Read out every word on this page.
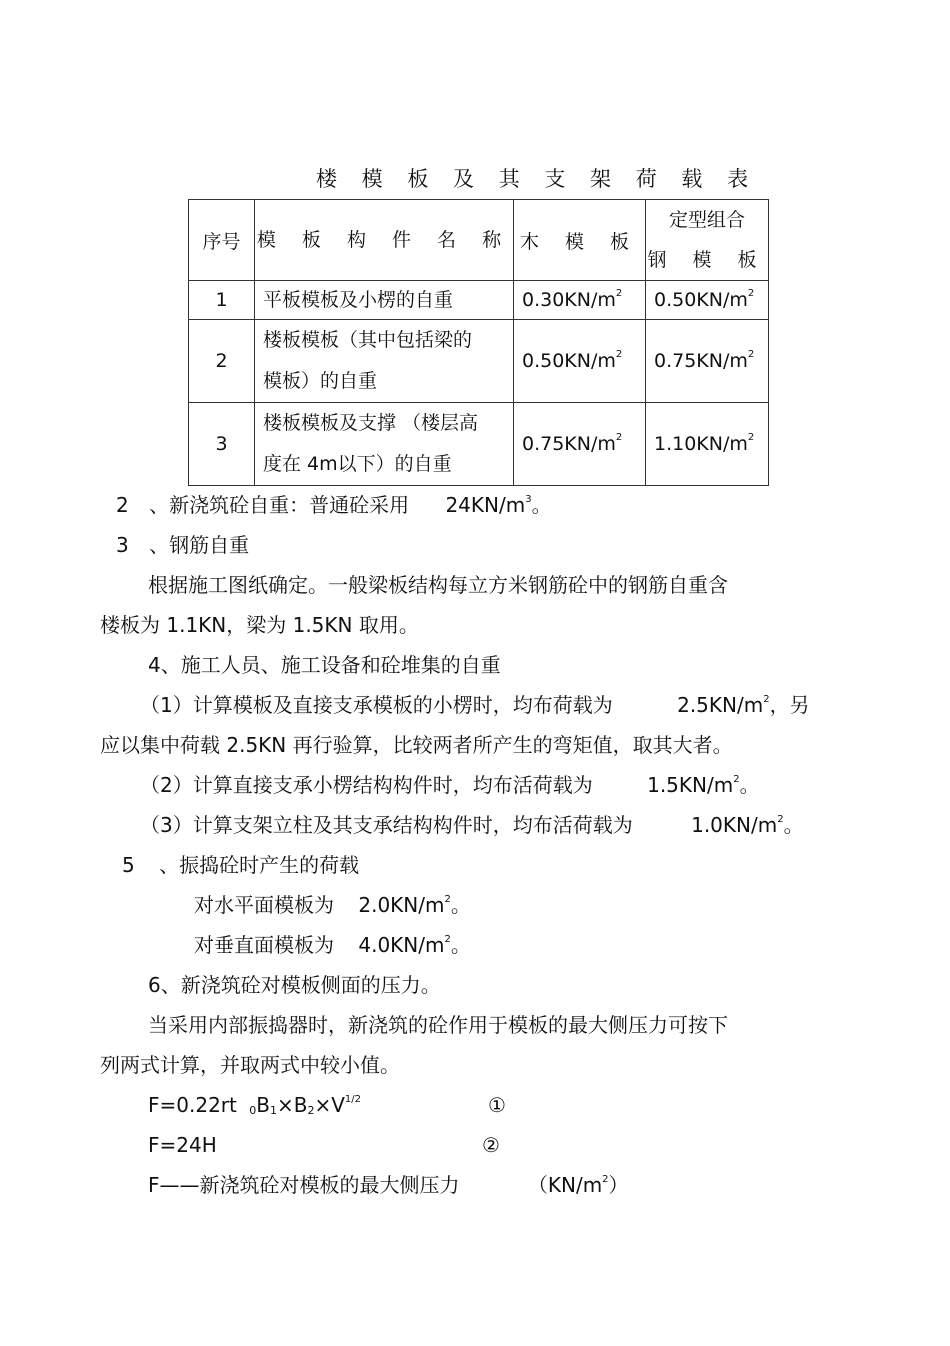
楼 模 板 及 其 支 架 荷 载 表
序号	模 板 构 件 名 称	木 模 板	定型组合
钢 模 板

1	平板模板及小楞的自重	$0.30KN/m^2$	$0.50KN/m^2$
2	楼板模板（其中包括梁的
模板）的自重	$0.50KN/m^2$	$0.75KN/m^2$
3	楼板模板及支撑 （楼层高
度在 4m以下）的自重	$0.75KN/m^2$	$1.10KN/m^2$
2 、新浇筑砼自重：普通砼采用 $24KN/m^3$。
3 、钢筋自重
根据施工图纸确定。一般梁板结构每立方米钢筋砼中的钢筋自重含
楼板为 1.1KN，梁为 1.5KN 取用。
4、施工人员、施工设备和砼堆集的自重
（1）计算模板及直接支承模板的小楞时，均布荷载为	$2.5KN/m^2$，另
应以集中荷载 2.5KN 再行验算，比较两者所产生的弯矩值，取其大者。
（2）计算直接支承小楞结构构件时，均布活荷载为	$1.5KN/m^2$。
（3）计算支架立柱及其支承结构构件时，均布活荷载为	$1.0KN/m^2$。
5 、振捣砼时产生的荷载
对水平面模板为 $2.0KN/m^2$。
对垂直面模板为 $4.0KN/m^2$。
6、新浇筑砼对模板侧面的压力。
当采用内部振捣器时，新浇筑的砼作用于模板的最大侧压力可按下
列两式计算，并取两式中较小值。
F=0.22rt $_0B_1\times B_2\times V^{1/2}$	①
F=24H	②
F——新浇筑砼对模板的最大侧压力	$(KN/m^2)$
